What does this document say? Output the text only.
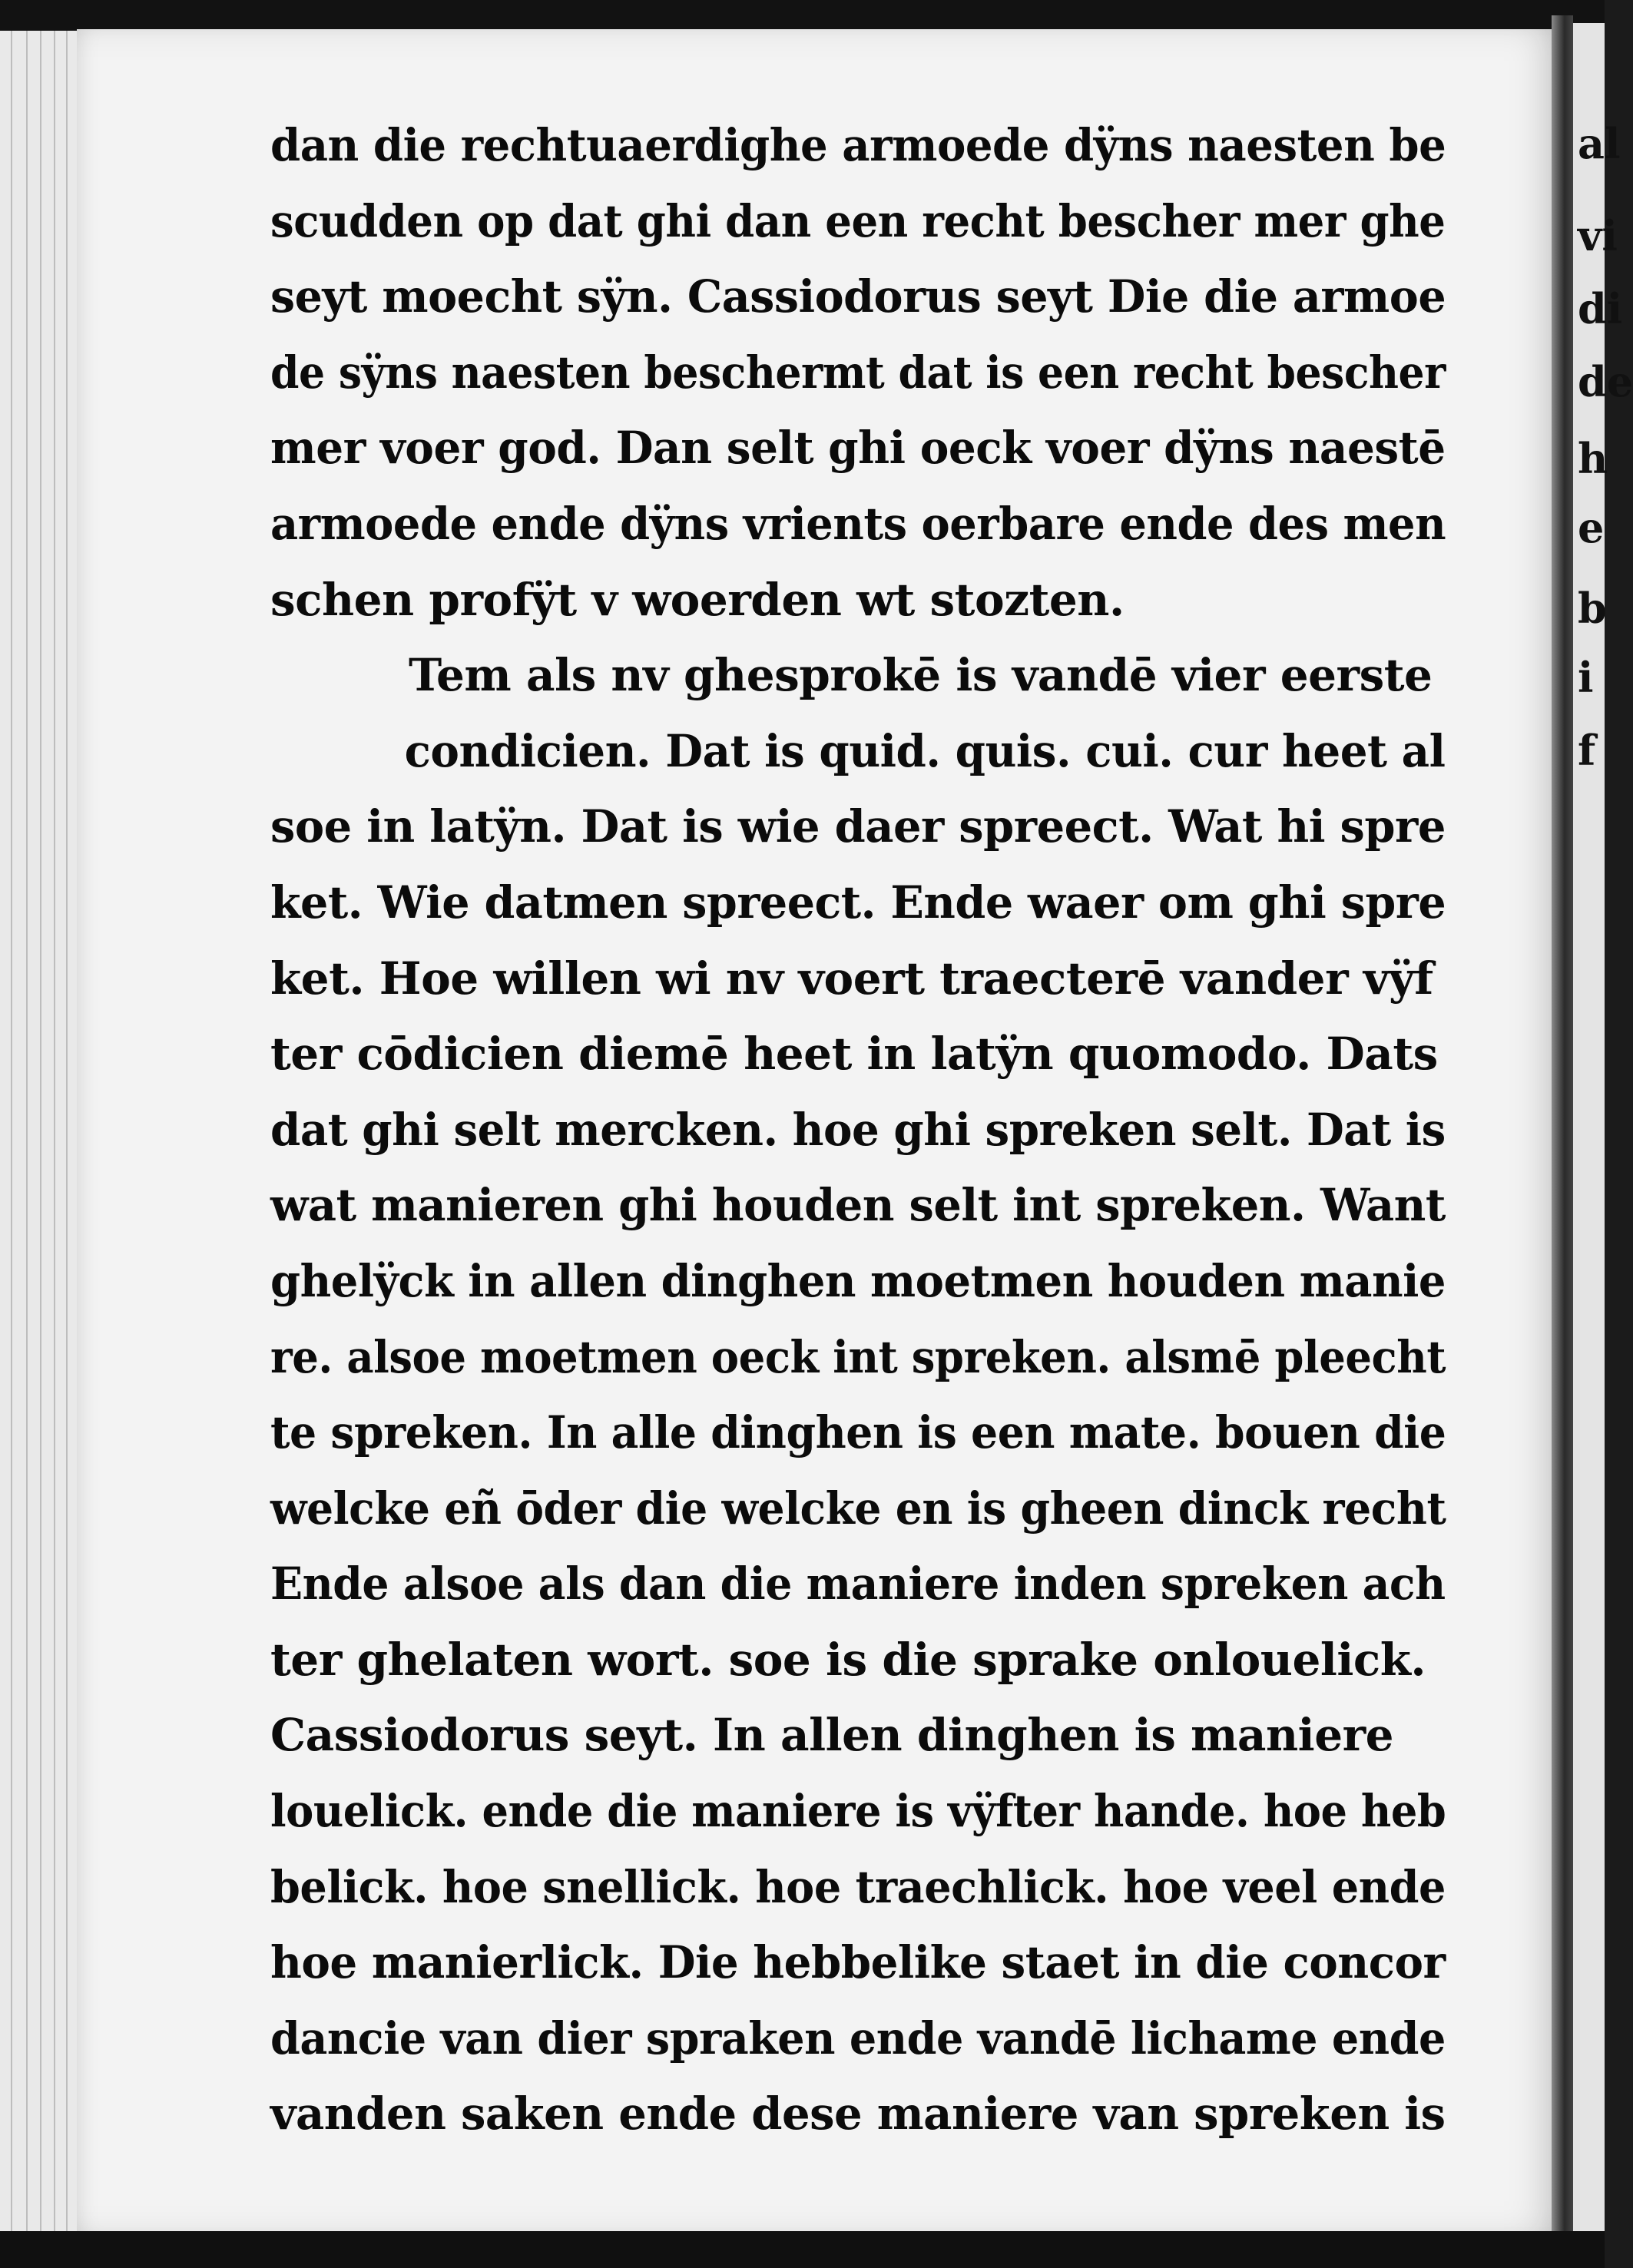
dan die rechtuaerdighe armoede dÿns naesten be
scudden op dat ghi dan een recht bescher mer ghe
seyt moecht sÿn. Cassiodorus seyt Die die armoe
de sÿns naesten beschermt dat is een recht bescher
mer voer god. Dan selt ghi oeck voer dÿns naestē
armoede ende dÿns vrients oerbare ende des men
schen profÿt v woerden wt stozten.
Tem als nv ghesprokē is vandē vier eerste
condicien. Dat is quid. quis. cui. cur heet al
soe in latÿn. Dat is wie daer spreect. Wat hi spre
ket. Wie datmen spreect. Ende waer om ghi spre
ket. Hoe willen wi nv voert traecterē vander vÿf
ter cōdicien diemē heet in latÿn quomodo. Dats
dat ghi selt mercken. hoe ghi spreken selt. Dat is
wat manieren ghi houden selt int spreken. Want
ghelÿck in allen dinghen moetmen houden manie
re. alsoe moetmen oeck int spreken. alsmē pleecht
te spreken. In alle dinghen is een mate. bouen die
welcke eñ ōder die welcke en is gheen dinck recht
Ende alsoe als dan die maniere inden spreken ach
ter ghelaten wort. soe is die sprake onlouelick.
Cassiodorus seyt. In allen dinghen is maniere
louelick. ende die maniere is vÿfter hande. hoe heb
belick. hoe snellick. hoe traechlick. hoe veel ende
hoe manierlick. Die hebbelike staet in die concor
dancie van dier spraken ende vandē lichame ende
vanden saken ende dese maniere van spreken is
al
vi
di
de
h
e
b
i
f
